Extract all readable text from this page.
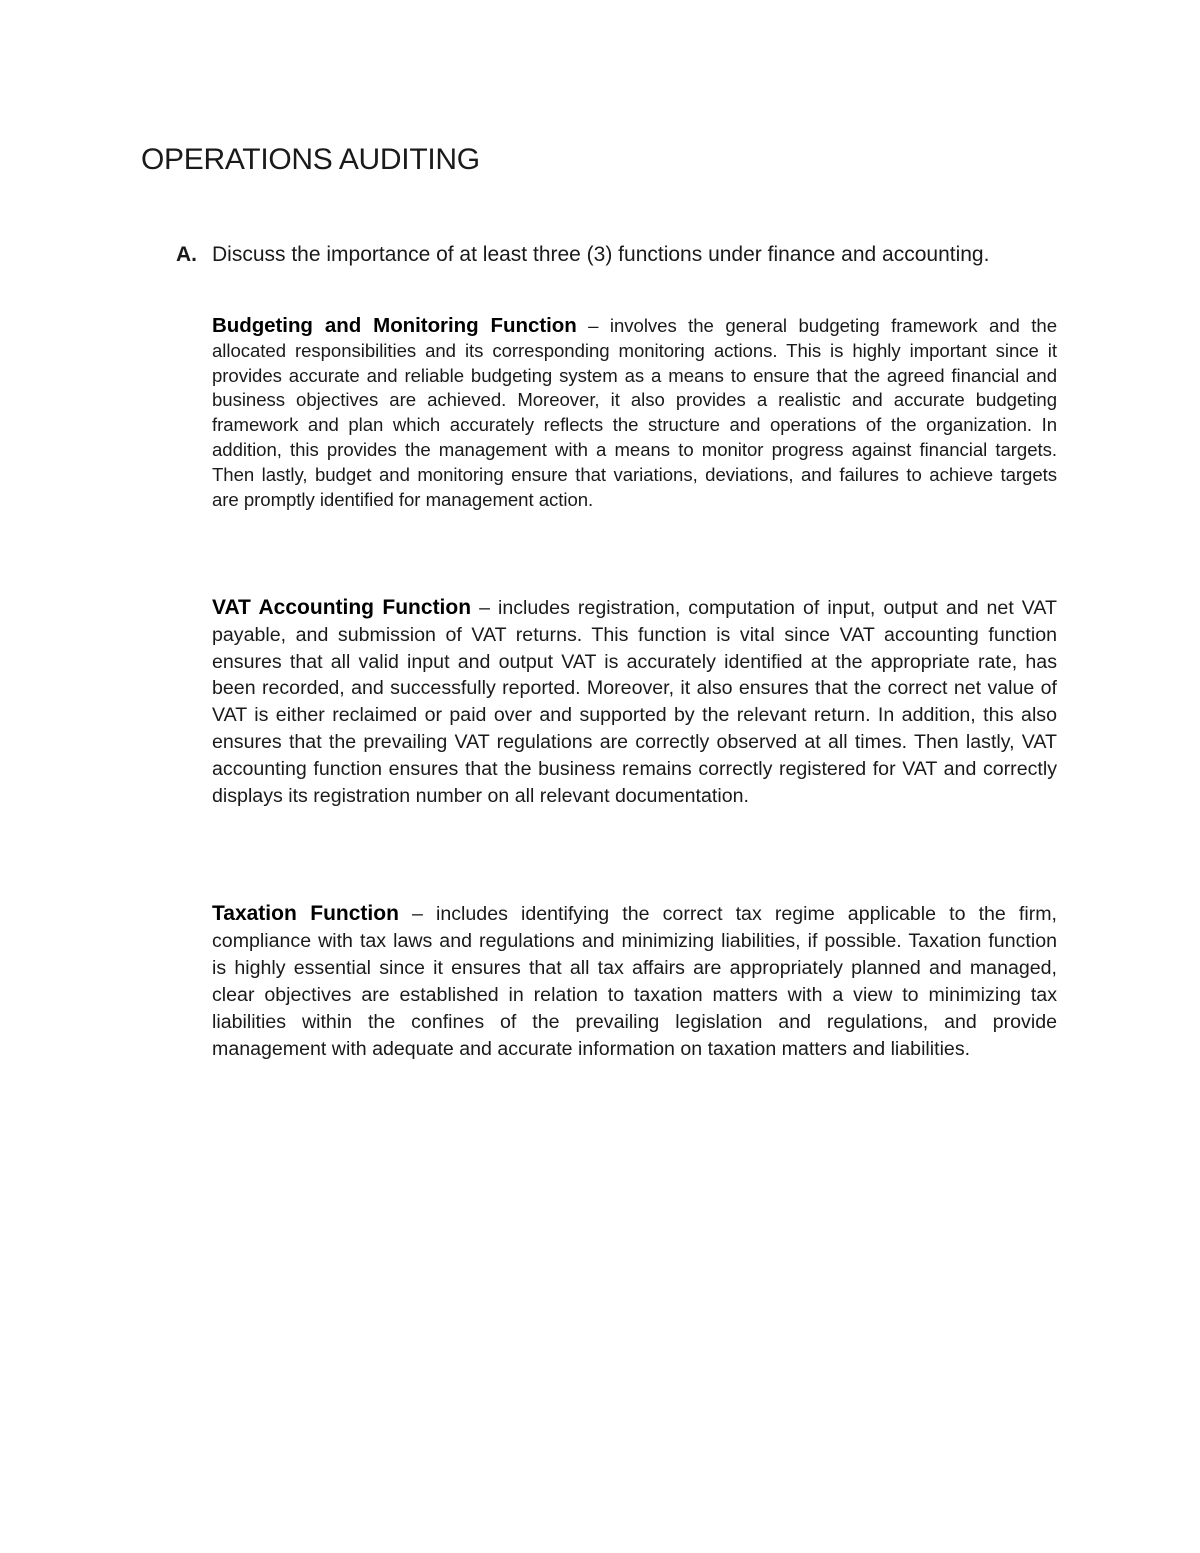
OPERATIONS AUDITING
A. Discuss the importance of at least three (3) functions under finance and accounting.

Budgeting and Monitoring Function – involves the general budgeting framework and the allocated responsibilities and its corresponding monitoring actions. This is highly important since it provides accurate and reliable budgeting system as a means to ensure that the agreed financial and business objectives are achieved. Moreover, it also provides a realistic and accurate budgeting framework and plan which accurately reflects the structure and operations of the organization. In addition, this provides the management with a means to monitor progress against financial targets. Then lastly, budget and monitoring ensure that variations, deviations, and failures to achieve targets are promptly identified for management action.

VAT Accounting Function – includes registration, computation of input, output and net VAT payable, and submission of VAT returns. This function is vital since VAT accounting function ensures that all valid input and output VAT is accurately identified at the appropriate rate, has been recorded, and successfully reported. Moreover, it also ensures that the correct net value of VAT is either reclaimed or paid over and supported by the relevant return. In addition, this also ensures that the prevailing VAT regulations are correctly observed at all times. Then lastly, VAT accounting function ensures that the business remains correctly registered for VAT and correctly displays its registration number on all relevant documentation.

Taxation Function – includes identifying the correct tax regime applicable to the firm, compliance with tax laws and regulations and minimizing liabilities, if possible. Taxation function is highly essential since it ensures that all tax affairs are appropriately planned and managed, clear objectives are established in relation to taxation matters with a view to minimizing tax liabilities within the confines of the prevailing legislation and regulations, and provide management with adequate and accurate information on taxation matters and liabilities.
